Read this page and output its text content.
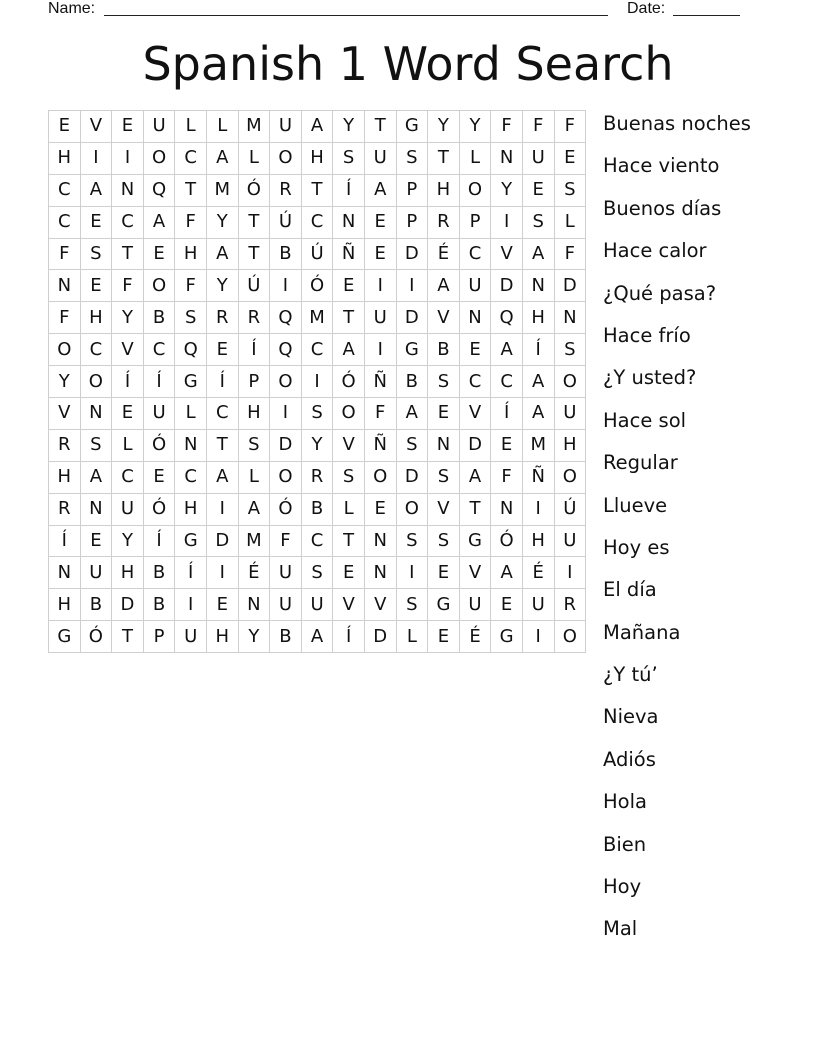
Name:	Date:
Spanish 1 Word Search
E	V	E	U	L	L	M	U	A	Y	T	G	Y	Y	F	F	F
H	I	I	O	C	A	L	O	H	S	U	S	T	L	N	U	E
C	A	N	Q	T	M	Ó	R	T	Í	A	P	H	O	Y	E	S
C	E	C	A	F	Y	T	Ú	C	N	E	P	R	P	I	S	L
F	S	T	E	H	A	T	B	Ú	Ñ	E	D	É	C	V	A	F
N	E	F	O	F	Y	Ú	I	Ó	E	I	I	A	U	D	N	D
F	H	Y	B	S	R	R	Q	M	T	U	D	V	N	Q	H	N
O	C	V	C	Q	E	Í	Q	C	A	I	G	B	E	A	Í	S
Y	O	Í	Í	G	Í	P	O	I	Ó	Ñ	B	S	C	C	A	O
V	N	E	U	L	C	H	I	S	O	F	A	E	V	Í	A	U
R	S	L	Ó	N	T	S	D	Y	V	Ñ	S	N	D	E	M	H
H	A	C	E	C	A	L	O	R	S	O	D	S	A	F	Ñ	O
R	N	U	Ó	H	I	A	Ó	B	L	E	O	V	T	N	I	Ú
Í	E	Y	Í	G	D	M	F	C	T	N	S	S	G	Ó	H	U
N	U	H	B	Í	I	É	U	S	E	N	I	E	V	A	É	I
H	B	D	B	I	E	N	U	U	V	V	S	G	U	E	U	R
G	Ó	T	P	U	H	Y	B	A	Í	D	L	E	É	G	I	O
Buenas noches
Hace viento
Buenos días
Hace calor
¿Qué pasa?
Hace frío
¿Y usted?
Hace sol
Regular
Llueve
Hoy es
El día
Mañana
¿Y tú’
Nieva
Adiós
Hola
Bien
Hoy
Mal
